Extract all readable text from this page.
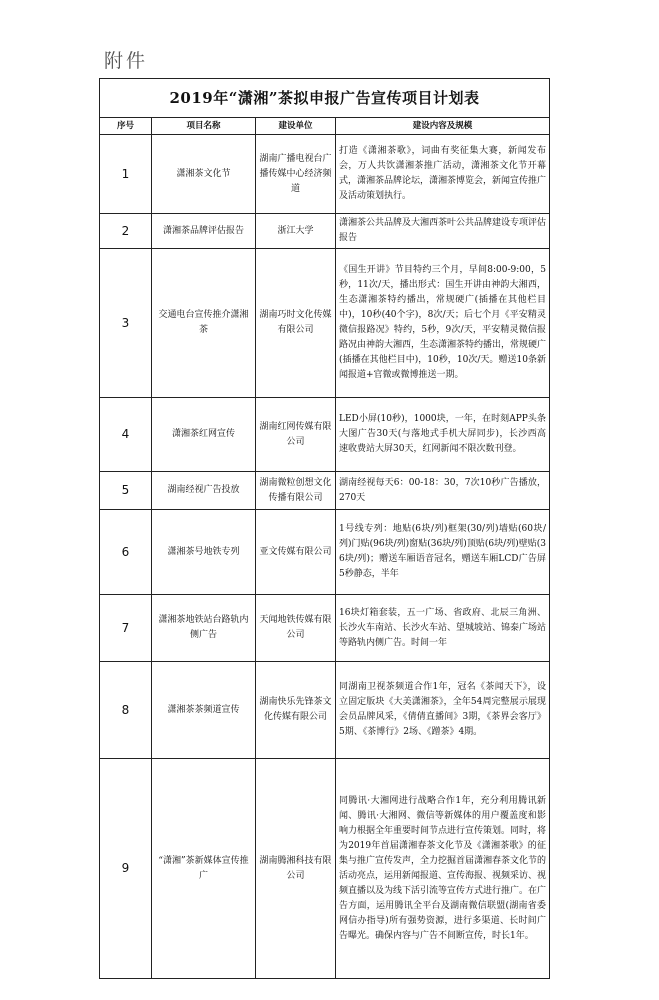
附件
2019年“潇湘”茶拟申报广告宣传项目计划表			
序号	项目名称	建设单位	建设内容及规模
1	潇湘茶文化节	湖南广播电视台广播传媒中心经济频道	打造《潇湘茶歌》，词曲有奖征集大赛，新闻发布会，万人共饮潇湘茶推广活动，潇湘茶文化节开幕式，潇湘茶品牌论坛，潇湘茶博览会，新闻宣传推广及活动策划执行。
2	潇湘茶品牌评估报告	浙江大学	潇湘茶公共品牌及大湘西茶叶公共品牌建设专项评估报告
3	交通电台宣传推介潇湘茶	湖南巧时文化传媒有限公司	《国生开讲》节目特约三个月，早间8:00-9:00，5秒，11次/天，播出形式：国生开讲由神韵大湘西，生态潇湘茶特约播出，常规硬广(插播在其他栏目中)，10秒(40个字)，8次/天；后七个月《平安精灵微信报路况》特约，5秒，9次/天，平安精灵微信报路况由神韵大湘西，生态潇湘茶特约播出，常规硬广(插播在其他栏目中)，10秒，10次/天。赠送10条新闻报道+官微或微博推送一期。
4	潇湘茶红网宣传	湖南红网传媒有限公司	LED小屏(10秒)，1000块，一年，在时刻APP头条大图广告30天(与落地式手机大屏同步)，长沙西高速收费站大屏30天，红网新闻不限次数刊登。
5	湖南经视广告投放	湖南微粒创想文化传播有限公司	湖南经视每天6：00-18：30，7次10秒广告播放，270天
6	潇湘茶号地铁专列	亚文传媒有限公司	1号线专列：地贴(6块/列)框架(30/列)墙贴(60块/列)门贴(96块/列)窗贴(36块/列)顶贴(6块/列)壁贴(36块/列)；赠送车厢语音冠名，赠送车厢LCD广告屏5秒静态，半年
7	潇湘茶地铁站台路轨内侧广告	天闻地铁传媒有限公司	16块灯箱套装，五一广场、省政府、北辰三角洲、长沙火车南站、长沙火车站、望城坡站、锦泰广场站等路轨内侧广告。时间一年
8	潇湘茶茶频道宣传	湖南快乐先锋茶文化传媒有限公司	同湖南卫视茶频道合作1年，冠名《茶闻天下》，设立固定版块《大美潇湘茶》，全年54周完整展示展现会员品牌风采，《倩倩直播间》3期，《茶界会客厅》5期、《茶博行》2场、《蹭茶》4期。
9	“潇湘”茶新媒体宣传推广	湖南腾湘科技有限公司	同腾讯·大湘网进行战略合作1年，充分利用腾讯新闻、腾讯·大湘网、微信等新媒体的用户覆盖度和影响力根据全年重要时间节点进行宣传策划。同时，将为2019年首届潇湘春茶文化节及《潇湘茶歌》的征集与推广宣传发声，全力挖掘首届潇湘春茶文化节的活动亮点，运用新闻报道、宣传海报、视频采访、视频直播以及为线下活引流等宣传方式进行推广。在广告方面，运用腾讯全平台及湖南微信联盟(湖南省委网信办指导)所有强势资源，进行多渠道、长时间广告曝光。确保内容与广告不间断宣传，时长1年。
